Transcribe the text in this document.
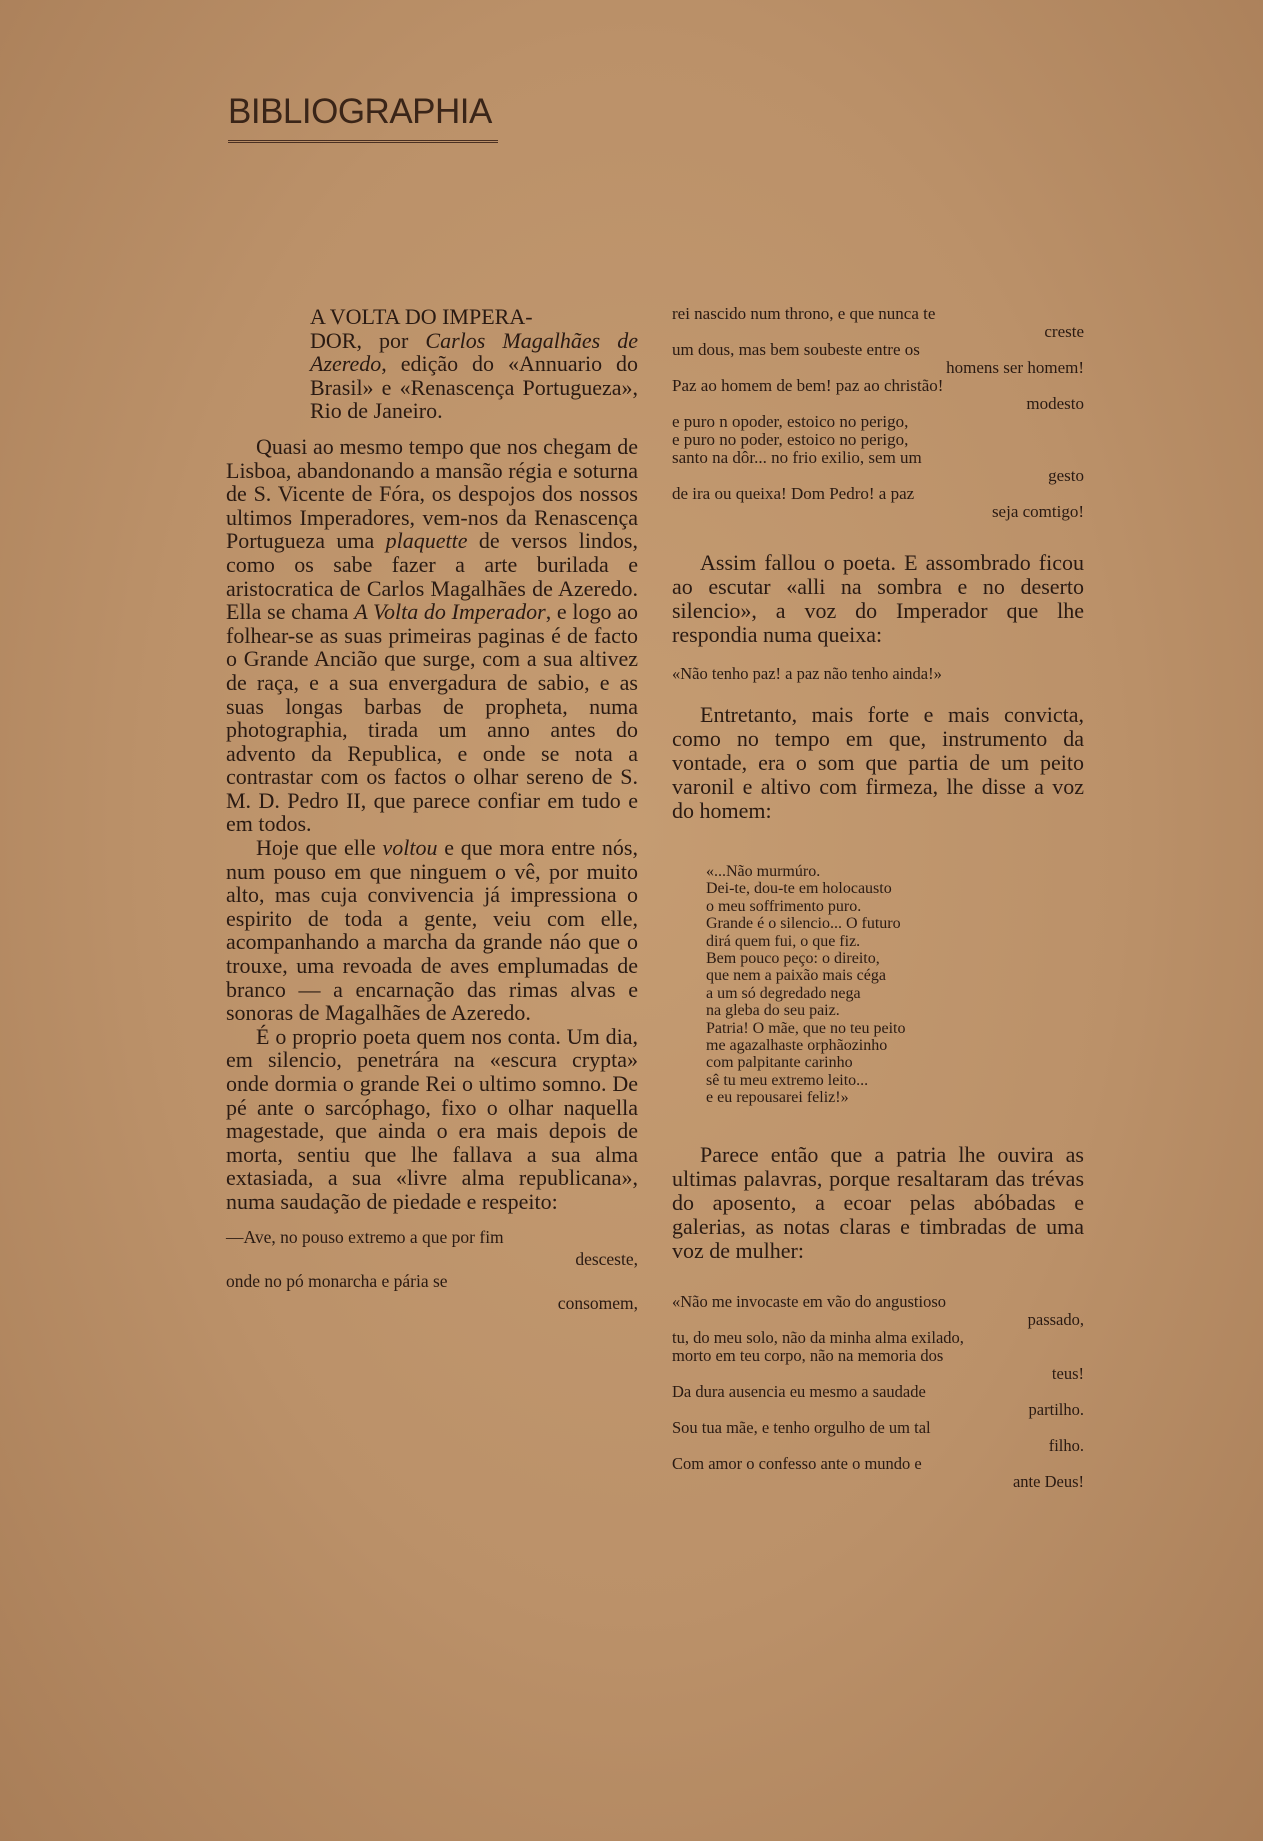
BIBLIOGRAPHIA

A VOLTA DO IMPERA-

DOR, por Carlos Magalhães de Azeredo, edição do «Annuario do Brasil» e «Renascença Portugueza», Rio de Janeiro.

Quasi ao mesmo tempo que nos chegam de Lisboa, abandonando a mansão régia e soturna de S. Vicente de Fóra, os despojos dos nossos ultimos Imperadores, vem-nos da Renascença Portugueza uma plaquette de versos lindos, como os sabe fazer a arte burilada e aristocratica de Carlos Magalhães de Azeredo. Ella se chama A Volta do Imperador, e logo ao folhear-se as suas primeiras paginas é de facto o Grande Ancião que surge, com a sua altivez de raça, e a sua envergadura de sabio, e as suas longas barbas de propheta, numa photographia, tirada um anno antes do advento da Republica, e onde se nota a contrastar com os factos o olhar sereno de S. M. D. Pedro II, que parece confiar em tudo e em todos.

Hoje que elle voltou e que mora entre nós, num pouso em que ninguem o vê, por muito alto, mas cuja convivencia já impressiona o espirito de toda a gente, veiu com elle, acompanhando a marcha da grande náo que o trouxe, uma revoada de aves emplumadas de branco — a encarnação das rimas alvas e sonoras de Magalhães de Azeredo.

É o proprio poeta quem nos conta. Um dia, em silencio, penetrára na «escura crypta» onde dormia o grande Rei o ultimo somno. De pé ante o sarcóphago, fixo o olhar naquella magestade, que ainda o era mais depois de morta, sentiu que lhe fallava a sua alma extasiada, a sua «livre alma republicana», numa saudação de piedade e respeito:

—Ave, no pouso extremo a que por fim

desceste,

onde no pó monarcha e pária se

consomem,

rei nascido num throno, e que nunca te

creste

um dous, mas bem soubeste entre os

homens ser homem!

Paz ao homem de bem! paz ao christão!

modesto

e puro n opoder, estoico no perigo,

e puro no poder, estoico no perigo,

santo na dôr... no frio exilio, sem um

gesto

de ira ou queixa! Dom Pedro! a paz

seja comtigo!

Assim fallou o poeta. E assombrado ficou ao escutar «alli na sombra e no deserto silencio», a voz do Imperador que lhe respondia numa queixa:

«Não tenho paz! a paz não tenho ainda!»

Entretanto, mais forte e mais convicta, como no tempo em que, instrumento da vontade, era o som que partia de um peito varonil e altivo com firmeza, lhe disse a voz do homem:

«...Não murmúro.

Dei-te, dou-te em holocausto

o meu soffrimento puro.

Grande é o silencio... O futuro

dirá quem fui, o que fiz.

Bem pouco peço: o direito,

que nem a paixão mais céga

a um só degredado nega

na gleba do seu paiz.

Patria! O mãe, que no teu peito

me agazalhaste orphãozinho

com palpitante carinho

sê tu meu extremo leito...

e eu repousarei feliz!»

Parece então que a patria lhe ouvira as ultimas palavras, porque resaltaram das trévas do aposento, a ecoar pelas abóbadas e galerias, as notas claras e timbradas de uma voz de mulher:

«Não me invocaste em vão do angustioso

passado,

tu, do meu solo, não da minha alma exilado,

morto em teu corpo, não na memoria dos

teus!

Da dura ausencia eu mesmo a saudade

partilho.

Sou tua mãe, e tenho orgulho de um tal

filho.

Com amor o confesso ante o mundo e

ante Deus!
